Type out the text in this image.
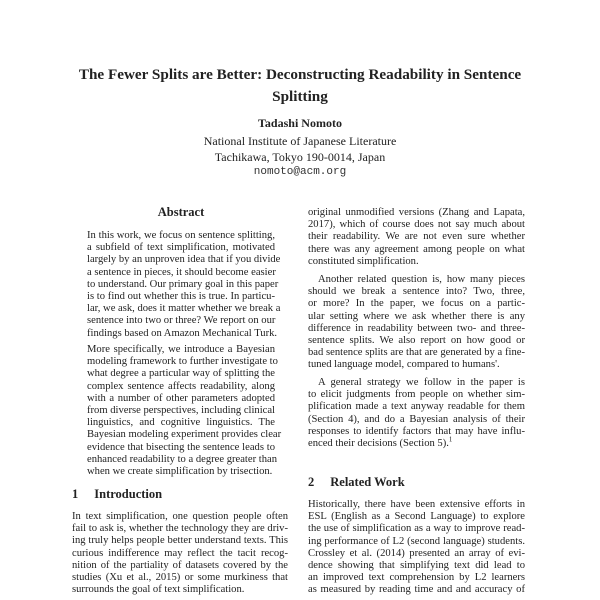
The Fewer Splits are Better: Deconstructing Readability in Sentence
Splitting
Tadashi Nomoto
National Institute of Japanese Literature
Tachikawa, Tokyo 190-0014, Japan
nomoto@acm.org
Abstract
In this work, we focus on sentence splitting,
a subfield of text simplification, motivated
largely by an unproven idea that if you divide
a sentence in pieces, it should become easier
to understand. Our primary goal in this paper
is to find out whether this is true. In particu-
lar, we ask, does it matter whether we break a
sentence into two or three? We report on our
findings based on Amazon Mechanical Turk.
More specifically, we introduce a Bayesian
modeling framework to further investigate to
what degree a particular way of splitting the
complex sentence affects readability, along
with a number of other parameters adopted
from diverse perspectives, including clinical
linguistics, and cognitive linguistics. The
Bayesian modeling experiment provides clear
evidence that bisecting the sentence leads to
enhanced readability to a degree greater than
when we create simplification by trisection.
1 Introduction
In text simplification, one question people often
fail to ask is, whether the technology they are driv-
ing truly helps people better understand texts. This
curious indifference may reflect the tacit recog-
nition of the partiality of datasets covered by the
studies (Xu et al., 2015) or some murkiness that
surrounds the goal of text simplification.
original unmodified versions (Zhang and Lapata,
2017), which of course does not say much about
their readability. We are not even sure whether
there was any agreement among people on what
constituted simplification.
Another related question is, how many pieces
should we break a sentence into? Two, three,
or more? In the paper, we focus on a partic-
ular setting where we ask whether there is any
difference in readability between two- and three-
sentence splits. We also report on how good or
bad sentence splits are that are generated by a fine-
tuned language model, compared to humans'.
A general strategy we follow in the paper is
to elicit judgments from people on whether sim-
plification made a text anyway readable for them
(Section 4), and do a Bayesian analysis of their
responses to identify factors that may have influ-
enced their decisions (Section 5).$^1$
2 Related Work
Historically, there have been extensive efforts in
ESL (English as a Second Language) to explore
the use of simplification as a way to improve read-
ing performance of L2 (second language) students.
Crossley et al. (2014) presented an array of evi-
dence showing that simplifying text did lead to
an improved text comprehension by L2 learners
as measured by reading time and and accuracy of
